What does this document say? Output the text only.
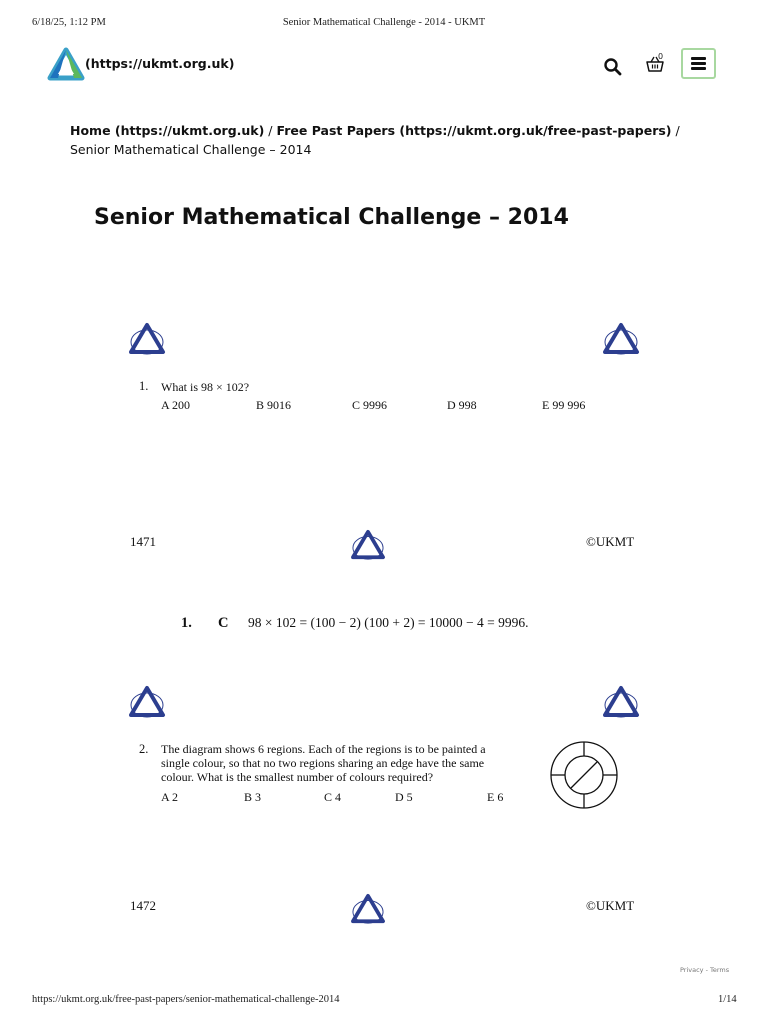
6/18/25, 1:12 PM	Senior Mathematical Challenge - 2014 - UKMT
(https://ukmt.org.uk)	0
Home (https://ukmt.org.uk) / Free Past Papers (https://ukmt.org.uk/free-past-papers) / Senior Mathematical Challenge – 2014
Senior Mathematical Challenge – 2014
1. What is 98 × 102?
A 200	B 9016	C 9996	D 998	E 99 996
1471	©UKMT
1. C 98 × 102 = (100 − 2) (100 + 2) = 10000 − 4 = 9996.
2. The diagram shows 6 regions. Each of the regions is to be painted a
single colour, so that no two regions sharing an edge have the same
colour. What is the smallest number of colours required?
A 2	B 3	C 4	D 5	E 6
1472	©UKMT
Privacy - Terms
https://ukmt.org.uk/free-past-papers/senior-mathematical-challenge-2014	1/14
